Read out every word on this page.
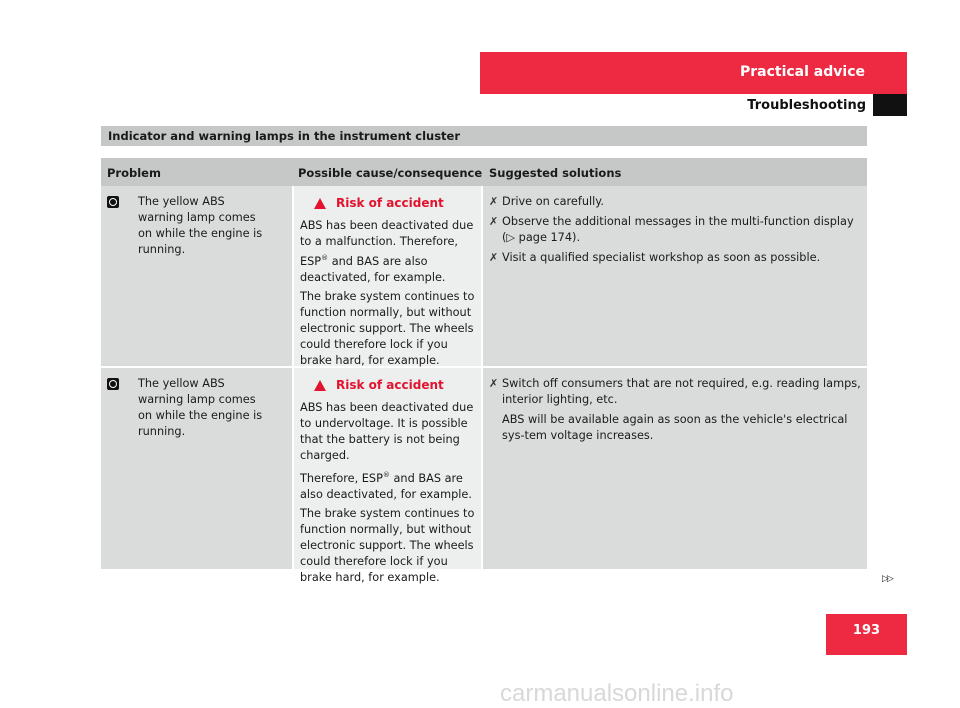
Practical advice
Troubleshooting
Indicator and warning lamps in the instrument cluster
Problem	Possible cause/consequence Suggested solutions
The yellow ABS warning lamp comes on while the engine is running.
Risk of accident
ABS has been deactivated due to a malfunction. Therefore, ESP® and BAS are also deactivated, for example.
The brake system continues to function normally, but without electronic support. The wheels could therefore lock if you brake hard, for example.
✗ Drive on carefully.
✗ Observe the additional messages in the multi-function display
(▷ page 174).
✗ Visit a qualified specialist workshop as soon as possible.
The yellow ABS warning lamp comes on while the engine is running.
Risk of accident
ABS has been deactivated due to undervoltage. It is possible that the battery is not being charged.
Therefore, ESP® and BAS are also deactivated, for example.
The brake system continues to function normally, but without electronic support. The wheels could therefore lock if you brake hard, for example.
✗ Switch off consumers that are not required, e.g. reading lamps, interior lighting, etc.
ABS will be available again as soon as the vehicle's electrical sys-tem voltage increases.
▷▷
193
carmanualsonline.info
